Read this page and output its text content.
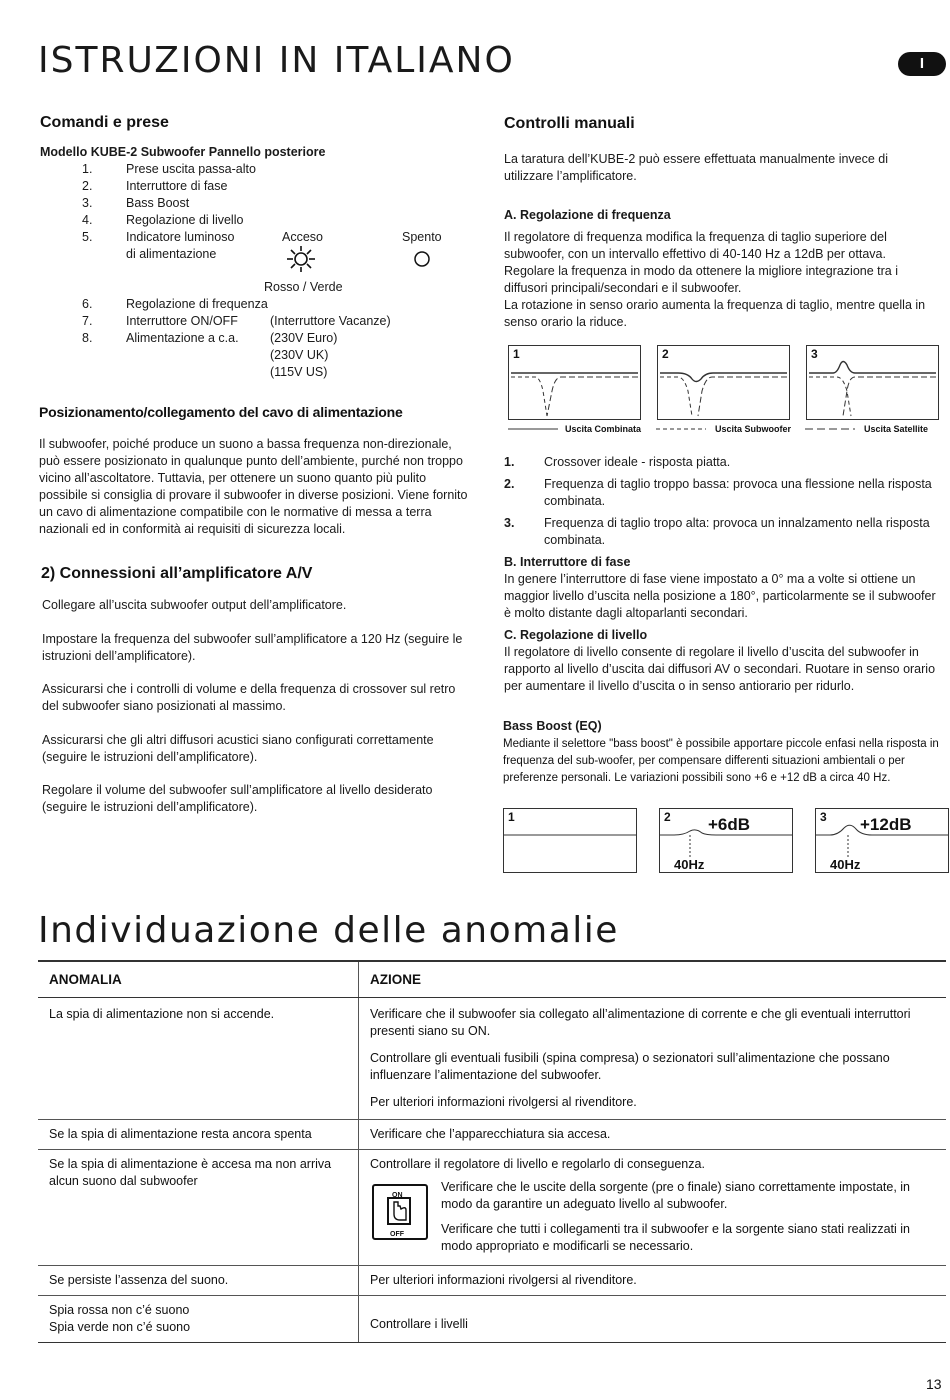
ISTRUZIONI IN ITALIANO	I
Comandi e prese
Modello KUBE-2 Subwoofer Pannello posteriore
1.	Prese uscita passa-alto
2.	Interruttore di fase
3.	Bass Boost
4.	Regolazione di livello
5.	Indicatore luminoso
di alimentazione
Acceso	Spento
Rosso / Verde
6.	Regolazione di frequenza
7.	Interruttore ON/OFF	(Interruttore Vacanze)
8.	Alimentazione a c.a.	(230V Euro)
(230V UK)
(115V US)
Posizionamento/collegamento del cavo di alimentazione
Il subwoofer, poiché produce un suono a bassa frequenza non-direzionale, può essere posizionato in qualunque punto dell’ambiente, purché non troppo vicino all’ascoltatore. Tuttavia, per ottenere un suono quanto più pulito possibile si consiglia di provare il subwoofer in diverse posizioni. Viene fornito un cavo di alimentazione compatibile con le normative di messa a terra nazionali ed in conformità ai requisiti di sicurezza locali.
2) Connessioni all’amplificatore A/V
Collegare all’uscita subwoofer output dell’amplificatore.
Impostare la frequenza del subwoofer sull’amplificatore a 120 Hz (seguire le istruzioni dell’amplificatore).
Assicurarsi che i controlli di volume e della frequenza di crossover sul retro del subwoofer siano posizionati al massimo.
Assicurarsi che gli altri diffusori acustici siano configurati correttamente (seguire le istruzioni dell’amplificatore).
Regolare il volume del subwoofer sull’amplificatore al livello desiderato (seguire le istruzioni dell’amplificatore).
Controlli manuali
La taratura dell’KUBE-2 può essere effettuata manualmente invece di utilizzare l’amplificatore.
A. Regolazione di frequenza
Il regolatore di frequenza modifica la frequenza di taglio superiore del subwoofer, con un intervallo effettivo di 40-140 Hz a 12dB per ottava. Regolare la frequenza in modo da ottenere la migliore integrazione tra i diffusori principali/secondari e il subwoofer.
La rotazione in senso orario aumenta la frequenza di taglio, mentre quella in senso orario la riduce.
1	2	3
Uscita Combinata	Uscita Subwoofer	Uscita Satellite
1. Crossover ideale - risposta piatta.
2. Frequenza di taglio troppo bassa: provoca una flessione nella risposta combinata.
3. Frequenza di taglio tropo alta: provoca un innalzamento nella risposta combinata.
B. Interruttore di fase
In genere l’interruttore di fase viene impostato a 0° ma a volte si ottiene un maggior livello d’uscita nella posizione a 180°, particolarmente se il subwoofer è molto distante dagli altoparlanti secondari.
C. Regolazione di livello
Il regolatore di livello consente di regolare il livello d’uscita del subwoofer in rapporto al livello d’uscita dai diffusori AV o secondari. Ruotare in senso orario per aumentare il livello d’uscita o in senso antiorario per ridurlo.
Bass Boost (EQ)
Mediante il selettore "bass boost" è possibile apportare piccole enfasi nella risposta in frequenza del sub-woofer, per compensare differenti situazioni ambientali o per preferenze personali. Le variazioni possibili sono +6 e +12 dB a circa 40 Hz.
1	2 +6dB
40Hz
3 +12dB
40Hz
Individuazione delle anomalie
ANOMALIA	AZIONE
La spia di alimentazione non si accende.	Verificare che il subwoofer sia collegato all’alimentazione di corrente e che gli eventuali interruttori presenti siano su ON.

Controllare gli eventuali fusibili (spina compresa) o sezionatori sull’alimentazione che possano influenzare l’alimentazione del subwoofer.

Per ulteriori informazioni rivolgersi al rivenditore.

Se la spia di alimentazione resta ancora spenta	Verificare che l’apparecchiatura sia accesa.
Se la spia di alimentazione è accesa ma non arriva alcun suono dal subwoofer	Controllare il regolatore di livello e regolarlo di conseguenza.

ON
OFF

Verificare che le uscite della sorgente (pre o finale) siano correttamente impostate, in modo da garantire un adeguato livello al subwoofer.

Verificare che tutti i collegamenti tra il subwoofer e la sorgente siano stati realizzati in modo appropriato e modificarli se necessario.

Se persiste l’assenza del suono.	Per ulteriori informazioni rivolgersi al rivenditore.

Spia rossa non c’é suono
Spia verde non c’é suono	Controllare i livelli
13
